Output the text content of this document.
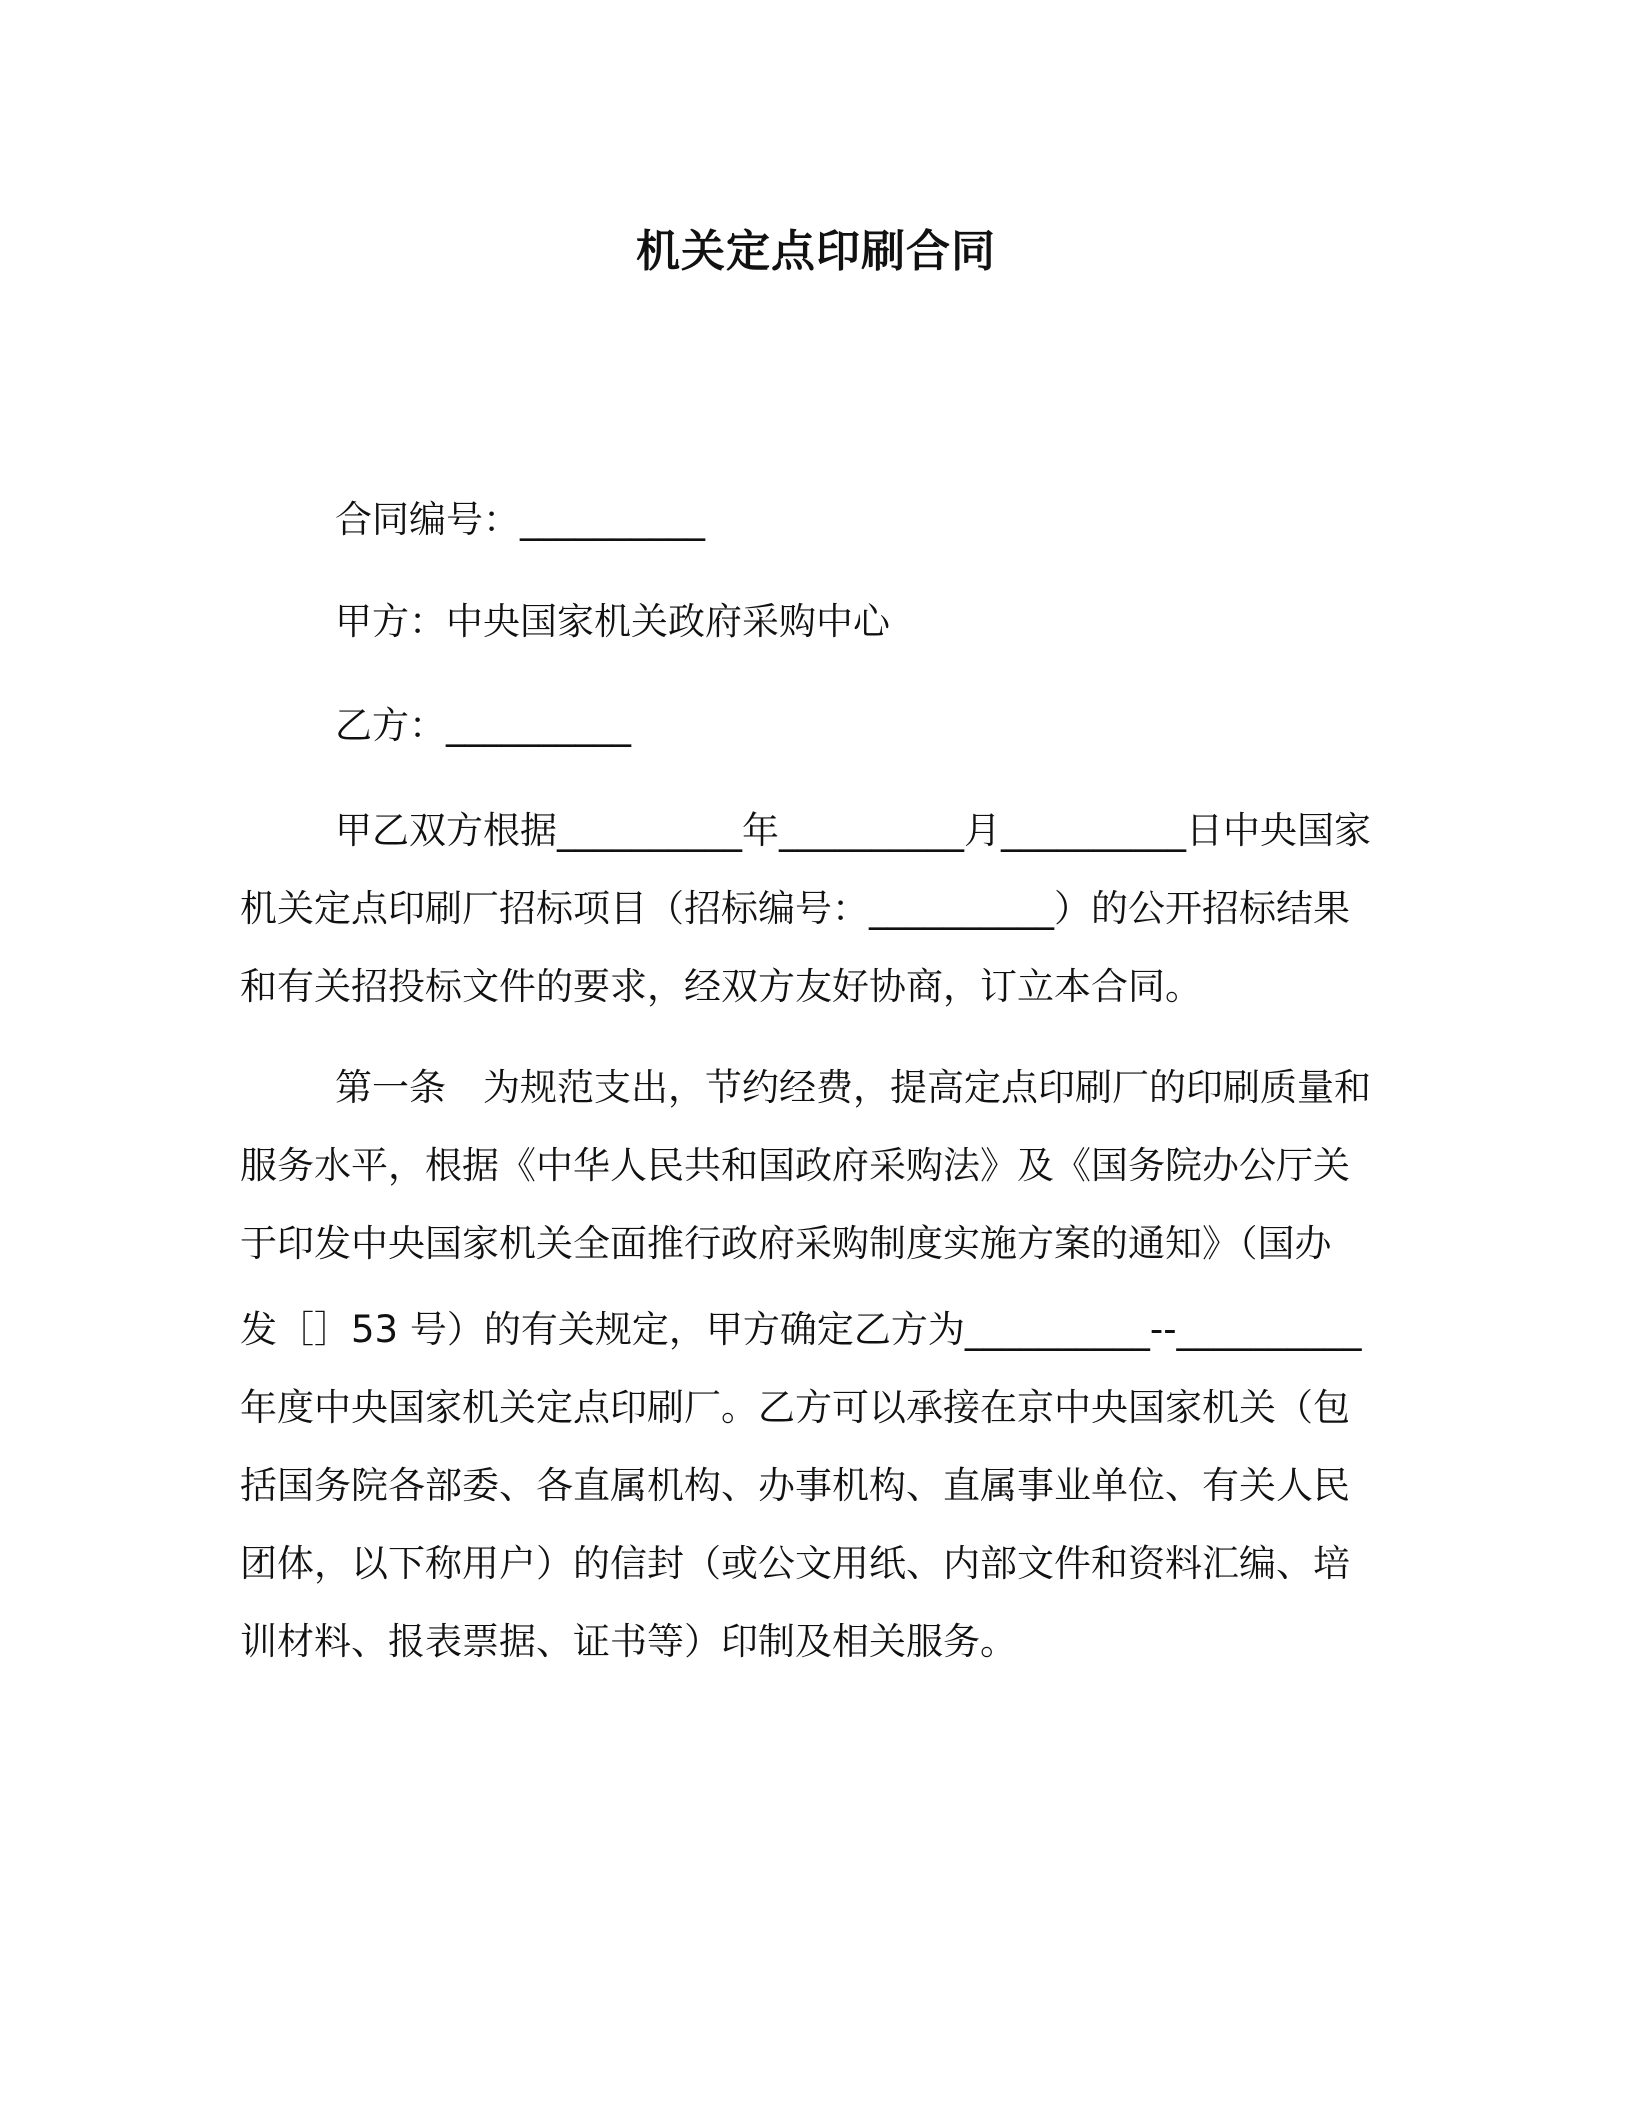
机关定点印刷合同
合同编号：__________
甲方：中央国家机关政府采购中心
乙方：__________
甲乙双方根据__________年__________月__________日中央国家
机关定点印刷厂招标项目（招标编号：__________）的公开招标结果
和有关招投标文件的要求，经双方友好协商，订立本合同。
第一条　为规范支出，节约经费，提高定点印刷厂的印刷质量和
服务水平，根据《中华人民共和国政府采购法》及《国务院办公厅关
于印发中央国家机关全面推行政府采购制度实施方案的通知》（国办
发［］53 号）的有关规定，甲方确定乙方为__________--__________
年度中央国家机关定点印刷厂。乙方可以承接在京中央国家机关（包
括国务院各部委、各直属机构、办事机构、直属事业单位、有关人民
团体，以下称用户）的信封（或公文用纸、内部文件和资料汇编、培
训材料、报表票据、证书等）印制及相关服务。
